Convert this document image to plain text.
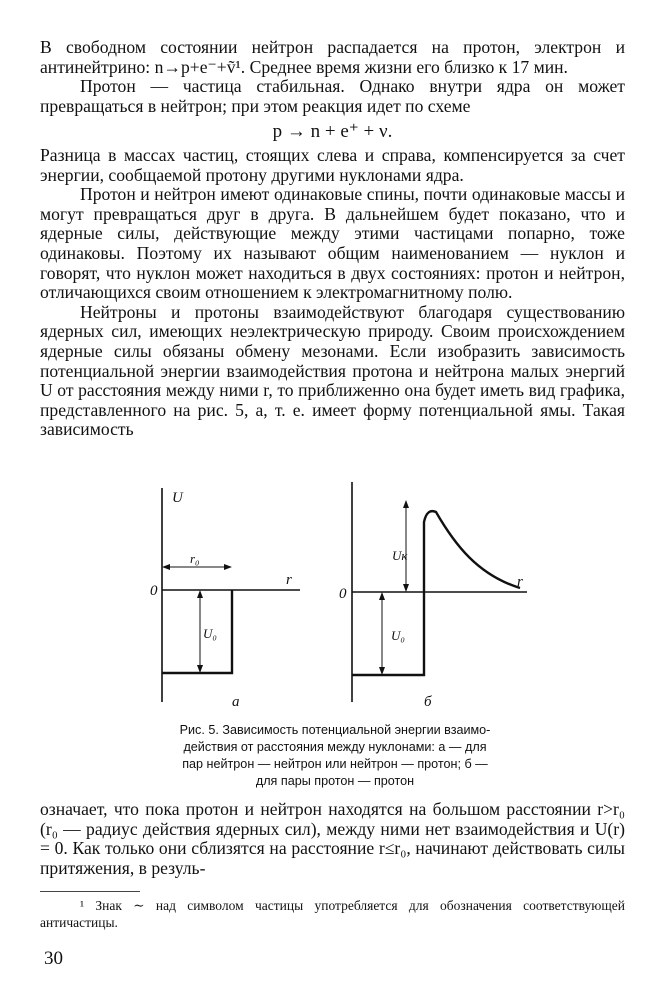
В свободном состоянии нейтрон распадается на протон, электрон и антинейтрино: n→p+e⁻+ṽ¹. Среднее время жизни его близко к 17 мин.

Протон — частица стабильная. Однако внутри ядра он может превращаться в нейтрон; при этом реакция идет по схеме

p → n + e⁺ + ν.

Разница в массах частиц, стоящих слева и справа, компенсируется за счет энергии, сообщаемой протону другими нуклонами ядра.

Протон и нейтрон имеют одинаковые спины, почти одинаковые массы и могут превращаться друг в друга. В дальнейшем будет показано, что и ядерные силы, действующие между этими частицами попарно, тоже одинаковы. Поэтому их называют общим наименованием — нуклон и говорят, что нуклон может находиться в двух состояниях: протон и нейтрон, отличающихся своим отношением к электромагнитному полю.

Нейтроны и протоны взаимодействуют благодаря существованию ядерных сил, имеющих неэлектрическую природу. Своим происхождением ядерные силы обязаны обмену мезонами. Если изобразить зависимость потенциальной энергии взаимодействия протона и нейтрона малых энергий U от расстояния между ними r, то приближенно она будет иметь вид графика, представленного на рис. 5, а, т. е. имеет форму потенциальной ямы. Такая зависимость

U
r
0
r₀
U₀
а
r
0
Uк
U₀
б
Рис. 5. Зависимость потенциальной энергии взаимо-
действия от расстояния между нуклонами: а — для
пар нейтрон — нейтрон или нейтрон — протон; б —
для пары протон — протон

означает, что пока протон и нейтрон находятся на большом расстоянии r>r₀ (r₀ — радиус действия ядерных сил), между ними нет взаимодействия и U(r) = 0. Как только они сблизятся на расстояние r≤r₀, начинают действовать силы притяжения, в резуль-

¹ Знак ∼ над символом частицы употребляется для обозначения соответствующей античастицы.
30
